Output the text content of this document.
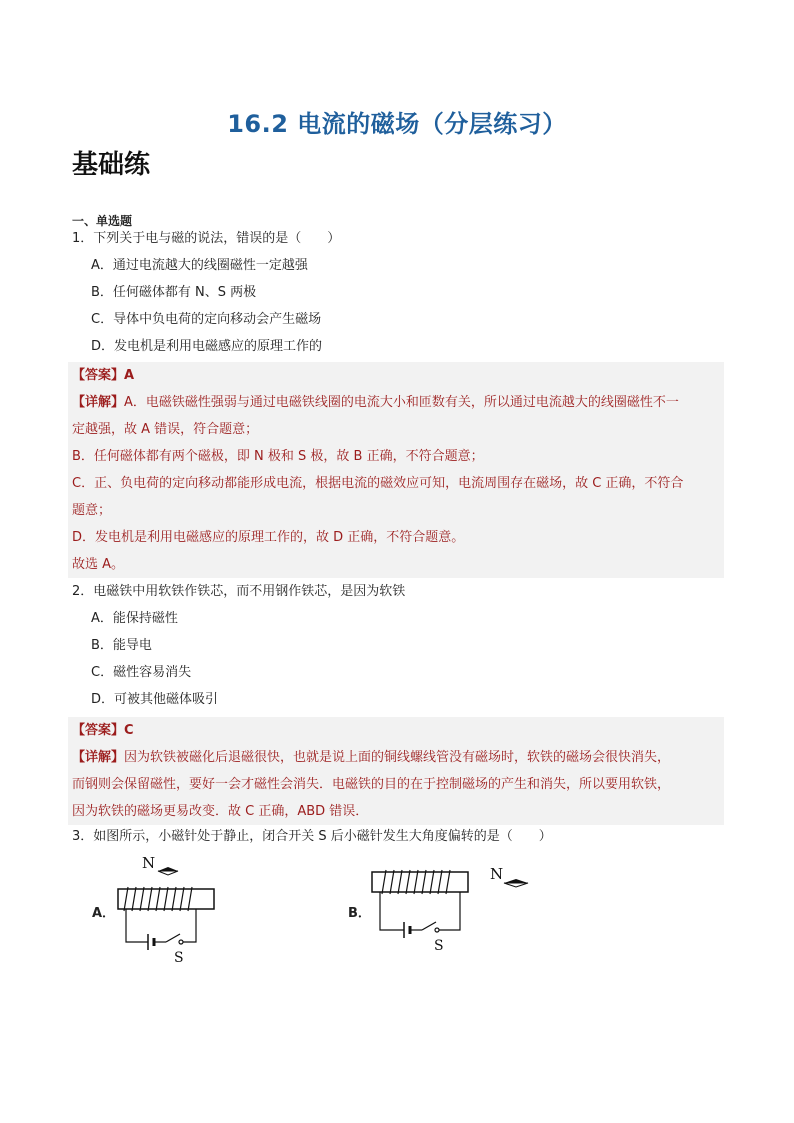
16.2 电流的磁场（分层练习）
基础练
一、单选题
1．下列关于电与磁的说法，错误的是（　　）
A．通过电流越大的线圈磁性一定越强
B．任何磁体都有 N、S 两极
C．导体中负电荷的定向移动会产生磁场
D．发电机是利用电磁感应的原理工作的
【答案】A
【详解】A．电磁铁磁性强弱与通过电磁铁线圈的电流大小和匝数有关，所以通过电流越大的线圈磁性不一
定越强，故 A 错误，符合题意；
B．任何磁体都有两个磁极，即 N 极和 S 极，故 B 正确，不符合题意；
C．正、负电荷的定向移动都能形成电流，根据电流的磁效应可知，电流周围存在磁场，故 C 正确，不符合
题意；
D．发电机是利用电磁感应的原理工作的，故 D 正确，不符合题意。
故选 A。
2．电磁铁中用软铁作铁芯，而不用钢作铁芯，是因为软铁
A．能保持磁性
B．能导电
C．磁性容易消失
D．可被其他磁体吸引
【答案】C
【详解】因为软铁被磁化后退磁很快，也就是说上面的铜线螺线管没有磁场时，软铁的磁场会很快消失，
而钢则会保留磁性，要好一会才磁性会消失．电磁铁的目的在于控制磁场的产生和消失，所以要用软铁，
因为软铁的磁场更易改变．故 C 正确，ABD 错误．
3．如图所示，小磁针处于静止，闭合开关 S 后小磁针发生大角度偏转的是（　　）
A．
N
S
B．
N
S
